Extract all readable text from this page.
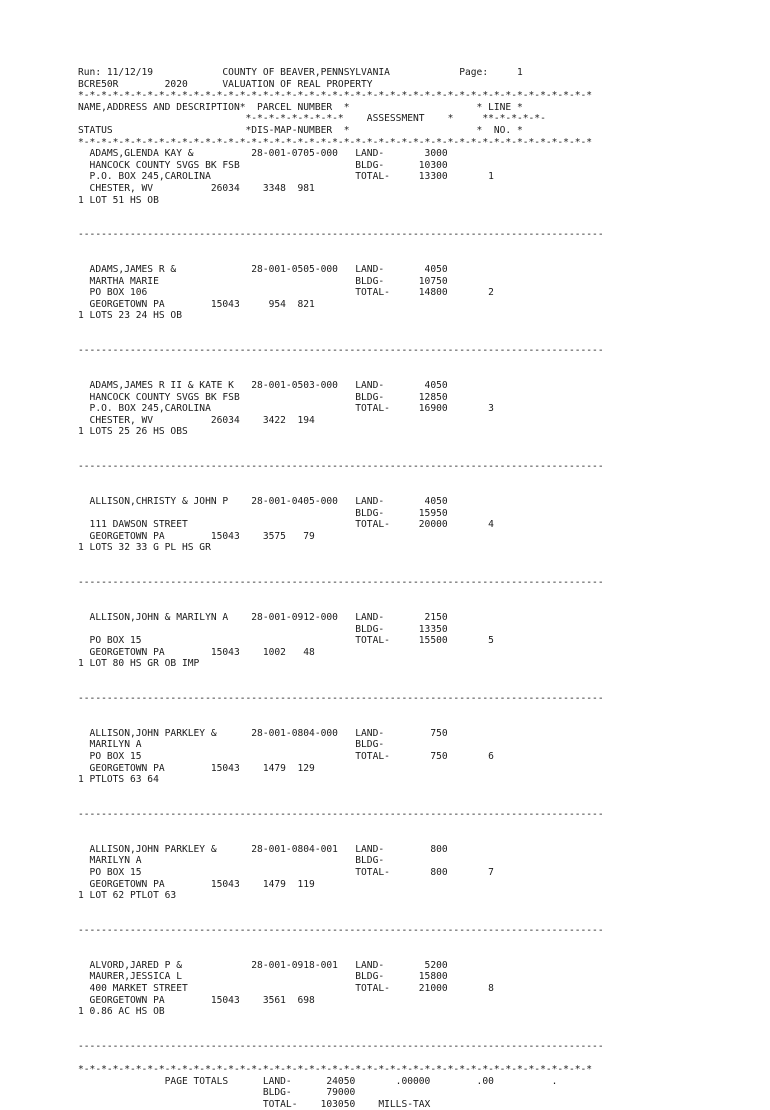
Run: 11/12/19            COUNTY OF BEAVER,PENNSYLVANIA            Page:     1
BCRE50R        2020      VALUATION OF REAL PROPERTY
*-*-*-*-*-*-*-*-*-*-*-*-*-*-*-*-*-*-*-*-*-*-*-*-*-*-*-*-*-*-*-*-*-*-*-*-*-*-*-*-*-*-*-*-*
NAME,ADDRESS AND DESCRIPTION*  PARCEL NUMBER  *                      * LINE *
*-*-*-*-*-*-*-*-*    ASSESSMENT    *     **-*-*-*-*-
STATUS                       *DIS-MAP-NUMBER  *                      *  NO. *
*-*-*-*-*-*-*-*-*-*-*-*-*-*-*-*-*-*-*-*-*-*-*-*-*-*-*-*-*-*-*-*-*-*-*-*-*-*-*-*-*-*-*-*-*
ADAMS,GLENDA KAY &          28-001-0705-000   LAND-       3000
HANCOCK COUNTY SVGS BK FSB                    BLDG-      10300
P.O. BOX 245,CAROLINA                         TOTAL-     13300       1
CHESTER, WV          26034    3348  981
1 LOT 51 HS OB
-------------------------------------------------------------------------------------------
ADAMS,JAMES R &             28-001-0505-000   LAND-       4050
MARTHA MARIE                                  BLDG-      10750
PO BOX 106                                    TOTAL-     14800       2
GEORGETOWN PA        15043     954  821
1 LOTS 23 24 HS OB
-------------------------------------------------------------------------------------------
ADAMS,JAMES R II & KATE K   28-001-0503-000   LAND-       4050
HANCOCK COUNTY SVGS BK FSB                    BLDG-      12850
P.O. BOX 245,CAROLINA                         TOTAL-     16900       3
CHESTER, WV          26034    3422  194
1 LOTS 25 26 HS OBS
-------------------------------------------------------------------------------------------
ALLISON,CHRISTY & JOHN P    28-001-0405-000   LAND-       4050
BLDG-      15950
111 DAWSON STREET                             TOTAL-     20000       4
GEORGETOWN PA        15043    3575   79
1 LOTS 32 33 G PL HS GR
-------------------------------------------------------------------------------------------
ALLISON,JOHN & MARILYN A    28-001-0912-000   LAND-       2150
BLDG-      13350
PO BOX 15                                     TOTAL-     15500       5
GEORGETOWN PA        15043    1002   48
1 LOT 80 HS GR OB IMP
-------------------------------------------------------------------------------------------
ALLISON,JOHN PARKLEY &      28-001-0804-000   LAND-        750
MARILYN A                                     BLDG-
PO BOX 15                                     TOTAL-       750       6
GEORGETOWN PA        15043    1479  129
1 PTLOTS 63 64
-------------------------------------------------------------------------------------------
ALLISON,JOHN PARKLEY &      28-001-0804-001   LAND-        800
MARILYN A                                     BLDG-
PO BOX 15                                     TOTAL-       800       7
GEORGETOWN PA        15043    1479  119
1 LOT 62 PTLOT 63
-------------------------------------------------------------------------------------------
ALVORD,JARED P &            28-001-0918-001   LAND-       5200
MAURER,JESSICA L                              BLDG-      15800
400 MARKET STREET                             TOTAL-     21000       8
GEORGETOWN PA        15043    3561  698
1 0.86 AC HS OB
-------------------------------------------------------------------------------------------
*-*-*-*-*-*-*-*-*-*-*-*-*-*-*-*-*-*-*-*-*-*-*-*-*-*-*-*-*-*-*-*-*-*-*-*-*-*-*-*-*-*-*-*-*
PAGE TOTALS      LAND-      24050       .00000        .00          .
BLDG-      79000
TOTAL-    103050    MILLS-TAX
